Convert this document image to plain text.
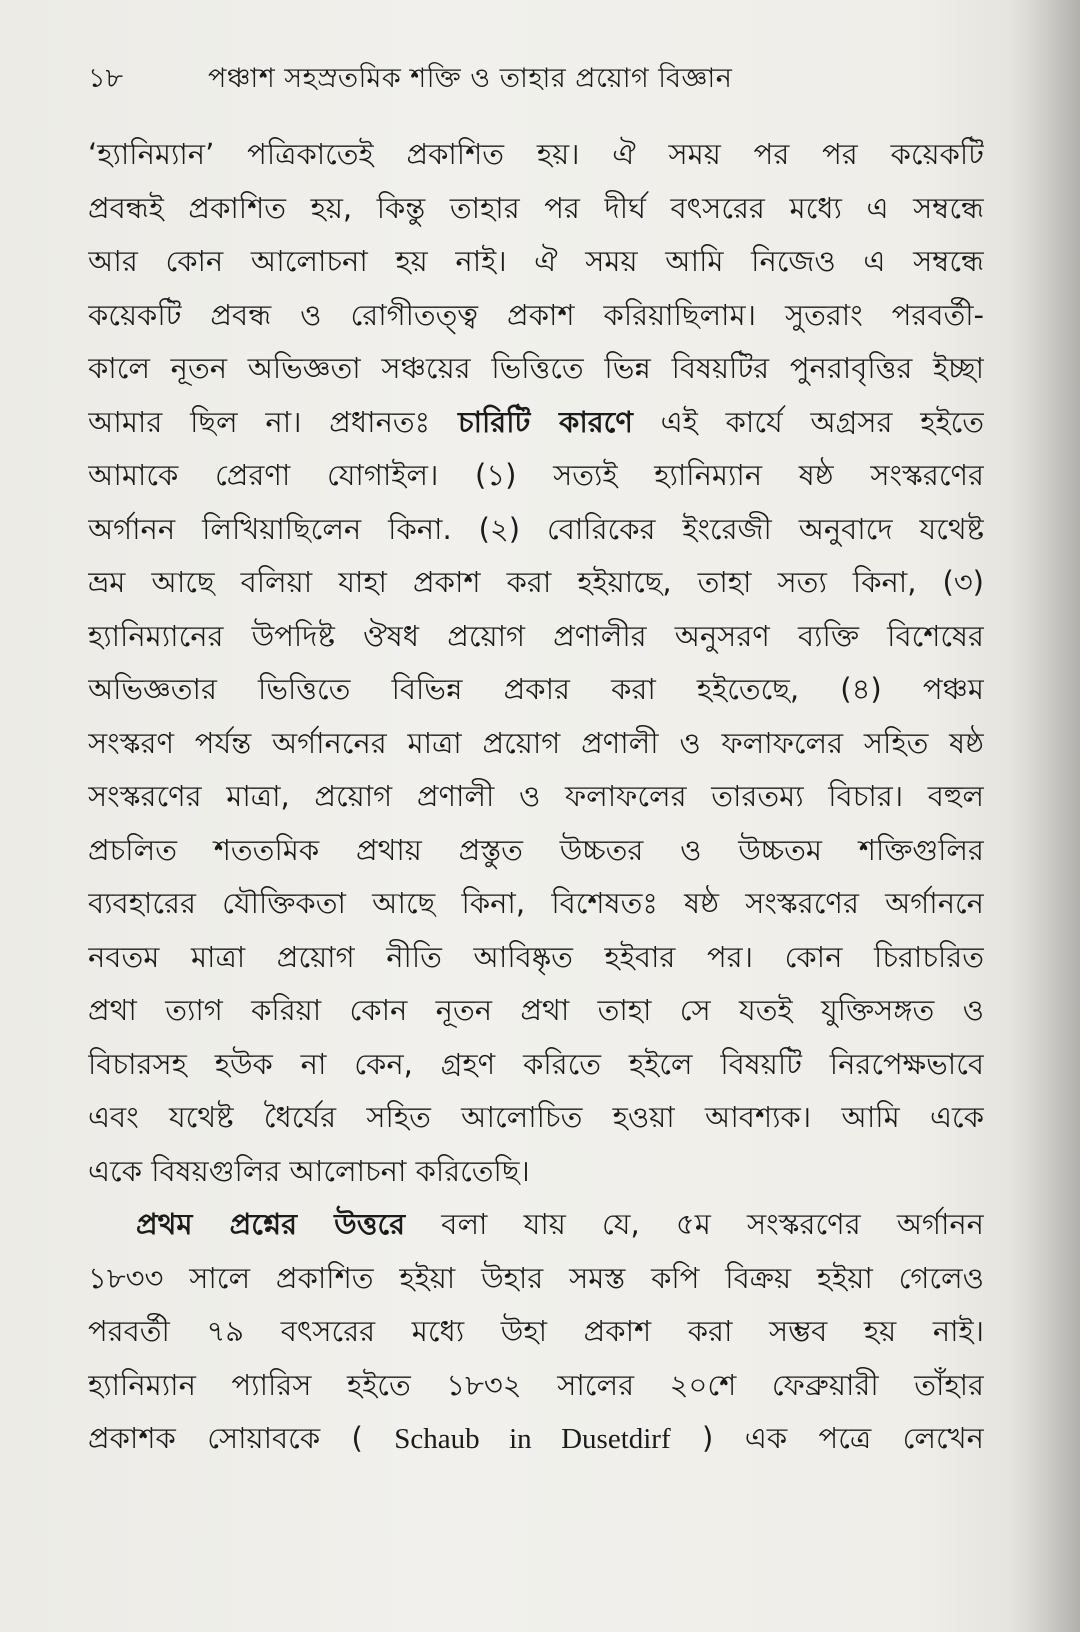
১৮	পঞ্চাশ সহস্রতমিক শক্তি ও তাহার প্রয়োগ বিজ্ঞান
‘হ্যানিম্যান’ পত্রিকাতেই প্রকাশিত হয়। ঐ সময় পর পর কয়েকটি
প্রবন্ধই প্রকাশিত হয়, কিন্তু তাহার পর দীর্ঘ বৎসরের মধ্যে এ সম্বন্ধে
আর কোন আলোচনা হয় নাই। ঐ সময় আমি নিজেও এ সম্বন্ধে
কয়েকটি প্রবন্ধ ও রোগীতত্ত্ব প্রকাশ করিয়াছিলাম। সুতরাং পরবর্তী-
কালে নূতন অভিজ্ঞতা সঞ্চয়ের ভিত্তিতে ভিন্ন বিষয়টির পুনরাবৃত্তির ইচ্ছা
আমার ছিল না। প্রধানতঃ চারিটি কারণে এই কার্যে অগ্রসর হইতে
আমাকে প্রেরণা যোগাইল। (১) সত্যই হ্যানিম্যান ষষ্ঠ সংস্করণের
অর্গানন লিখিয়াছিলেন কিনা. (২) বোরিকের ইংরেজী অনুবাদে যথেষ্ট
ভ্রম আছে বলিয়া যাহা প্রকাশ করা হইয়াছে, তাহা সত্য কিনা, (৩)
হ্যানিম্যানের উপদিষ্ট ঔষধ প্রয়োগ প্রণালীর অনুসরণ ব্যক্তি বিশেষের
অভিজ্ঞতার ভিত্তিতে বিভিন্ন প্রকার করা হইতেছে, (৪) পঞ্চম
সংস্করণ পর্যন্ত অর্গাননের মাত্রা প্রয়োগ প্রণালী ও ফলাফলের সহিত ষষ্ঠ
সংস্করণের মাত্রা, প্রয়োগ প্রণালী ও ফলাফলের তারতম্য বিচার। বহুল
প্রচলিত শততমিক প্রথায় প্রস্তুত উচ্চতর ও উচ্চতম শক্তিগুলির
ব্যবহারের যৌক্তিকতা আছে কিনা, বিশেষতঃ ষষ্ঠ সংস্করণের অর্গাননে
নবতম মাত্রা প্রয়োগ নীতি আবিষ্কৃত হইবার পর। কোন চিরাচরিত
প্রথা ত্যাগ করিয়া কোন নূতন প্রথা তাহা সে যতই যুক্তিসঙ্গত ও
বিচারসহ হউক না কেন, গ্রহণ করিতে হইলে বিষয়টি নিরপেক্ষভাবে
এবং যথেষ্ট ধৈর্যের সহিত আলোচিত হওয়া আবশ্যক। আমি একে
একে বিষয়গুলির আলোচনা করিতেছি।
প্রথম প্রশ্নের উত্তরে বলা যায় যে, ৫ম সংস্করণের অর্গানন
১৮৩৩ সালে প্রকাশিত হইয়া উহার সমস্ত কপি বিক্রয় হইয়া গেলেও
পরবর্তী ৭৯ বৎসরের মধ্যে উহা প্রকাশ করা সম্ভব হয় নাই।
হ্যানিম্যান প্যারিস হইতে ১৮৩২ সালের ২০শে ফেব্রুয়ারী তাঁহার
প্রকাশক সোয়াবকে ( Schaub in Dusetdirf ) এক পত্রে লেখেন
